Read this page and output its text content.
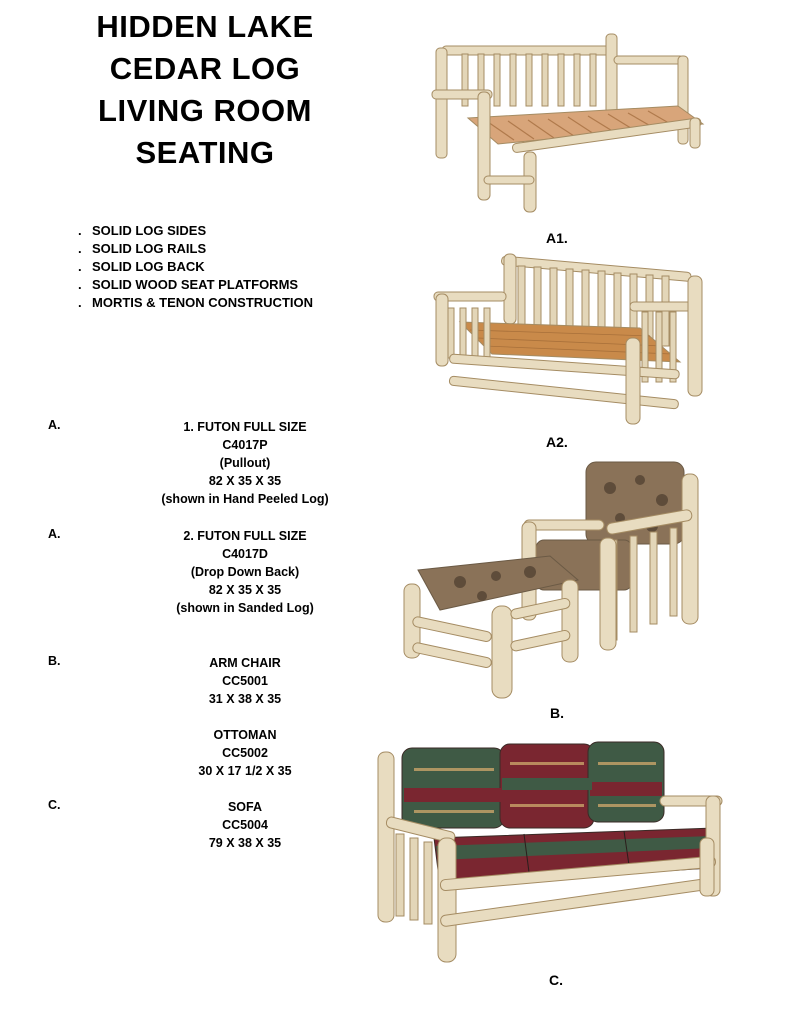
HIDDEN LAKE
CEDAR LOG
LIVING ROOM
SEATING
. SOLID LOG SIDES
. SOLID LOG RAILS
. SOLID LOG BACK
. SOLID WOOD SEAT PLATFORMS
. MORTIS & TENON CONSTRUCTION
A.	1. FUTON FULL SIZE
C4017P
(Pullout)
82 X 35 X 35
(shown in Hand Peeled Log)
A.	2. FUTON FULL SIZE
C4017D
(Drop Down Back)
82 X 35 X 35
(shown in Sanded Log)
B.	ARM CHAIR
CC5001
31 X 38 X 35
OTTOMAN
CC5002
30 X 17 1/2 X 35
C.	SOFA
CC5004
79 X 38 X 35
A1.
A2.
B.
C.
